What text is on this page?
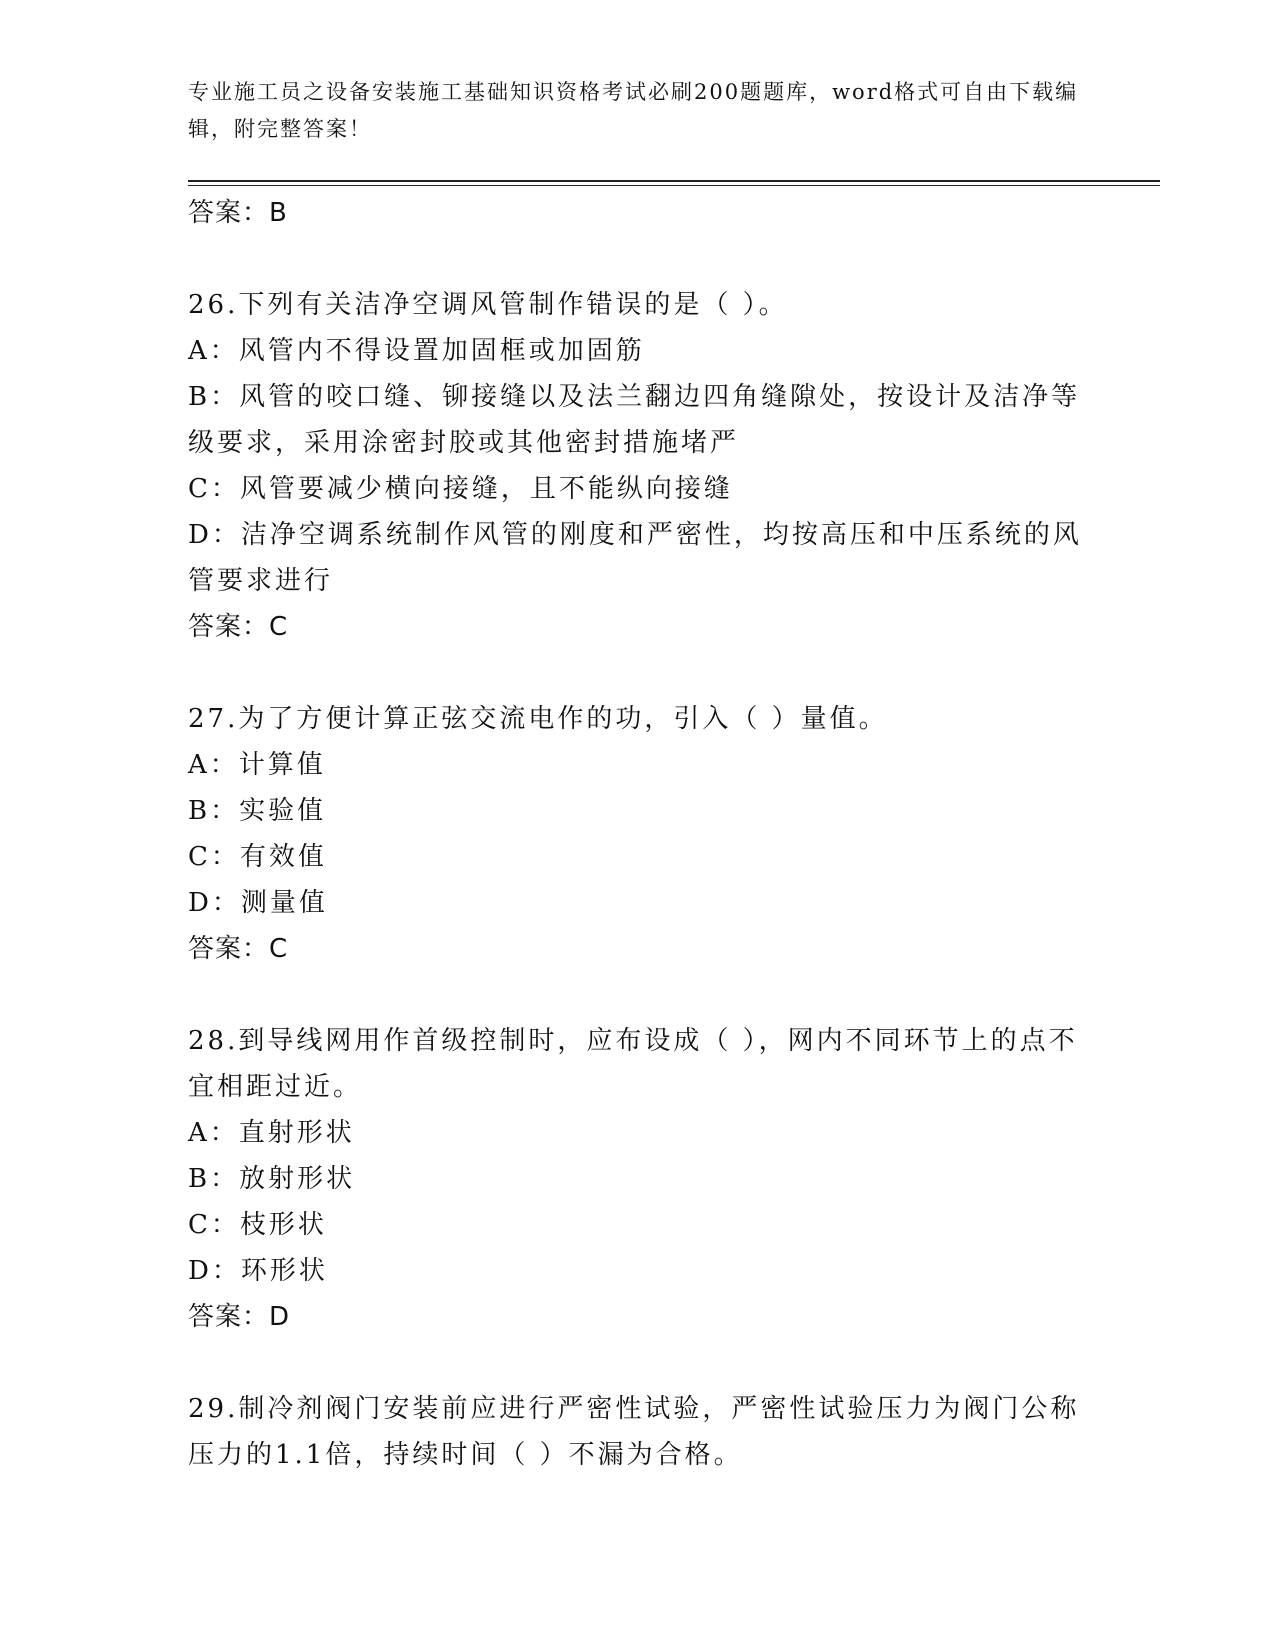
专业施工员之设备安装施工基础知识资格考试必刷200题题库，word格式可自由下载编辑，附完整答案！
答案：B
26.下列有关洁净空调风管制作错误的是（ ）。
A：风管内不得设置加固框或加固筋
B：风管的咬口缝、铆接缝以及法兰翻边四角缝隙处，按设计及洁净等级要求，采用涂密封胶或其他密封措施堵严
C：风管要减少横向接缝，且不能纵向接缝
D：洁净空调系统制作风管的刚度和严密性，均按高压和中压系统的风管要求进行
答案：C
27.为了方便计算正弦交流电作的功，引入（ ）量值。
A：计算值
B：实验值
C：有效值
D：测量值
答案：C
28.到导线网用作首级控制时，应布设成（ ），网内不同环节上的点不宜相距过近。
A：直射形状
B：放射形状
C：枝形状
D：环形状
答案：D
29.制冷剂阀门安装前应进行严密性试验，严密性试验压力为阀门公称压力的1.1倍，持续时间（ ）不漏为合格。
